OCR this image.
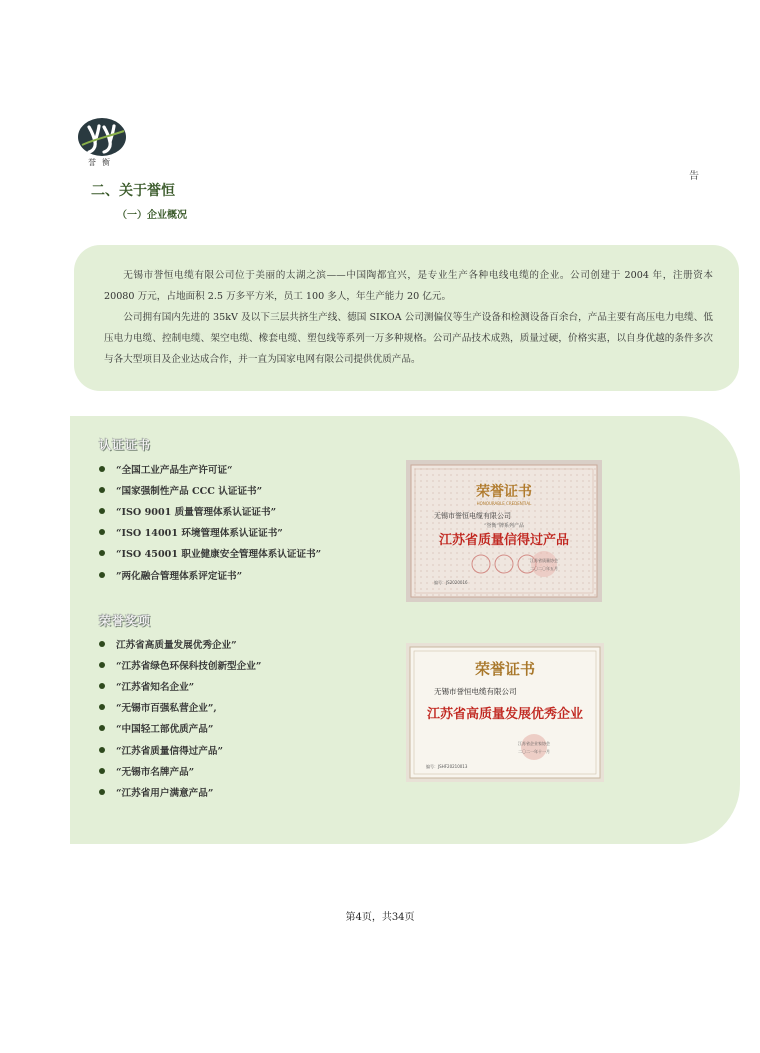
誉衡
告
二、关于誉恒
（一）企业概况

无锡市誉恒电缆有限公司位于美丽的太湖之滨——中国陶都宜兴，是专业生产各种电线电缆的企业。公司创建于 2004 年，注册资本 20080 万元，占地面积 2.5 万多平方米，员工 100 多人，年生产能力 20 亿元。

公司拥有国内先进的 35kV 及以下三层共挤生产线、德国 SIKOA 公司测偏仪等生产设备和检测设备百余台，产品主要有高压电力电缆、低压电力电缆、控制电缆、架空电缆、橡套电缆、塑包线等系列一万多种规格。公司产品技术成熟，质量过硬，价格实惠，以自身优越的条件多次与各大型项目及企业达成合作，并一直为国家电网有限公司提供优质产品。

认证证书
“全国工业产品生产许可证“
“国家强制性产品 CCC 认证证书”
“ISO 9001 质量管理体系认证证书”
“ISO 14001 环境管理体系认证证书”
“ISO 45001 职业健康安全管理体系认证证书”
”两化融合管理体系评定证书”
荣誉奖项
江苏省高质量发展优秀企业”
“江苏省绿色环保科技创新型企业”
“江苏省知名企业”
“无锡市百强私营企业”,
“中国轻工部优质产品”
“江苏省质量信得过产品”
“无锡市名牌产品”
“江苏省用户满意产品”
荣誉证书
HONOURABLE CREDENTIAL
无锡市誉恒电缆有限公司
“誉衡”牌系列产品
江苏省质量信得过产品
编号：JS2020016
江苏省质量协会
二〇二〇年五月
荣誉证书
无锡市誉恒电缆有限公司
江苏省高质量发展优秀企业
编号：JSHF20210013
江苏省企业家协会
二〇二一年十一月
第4页，共34页
